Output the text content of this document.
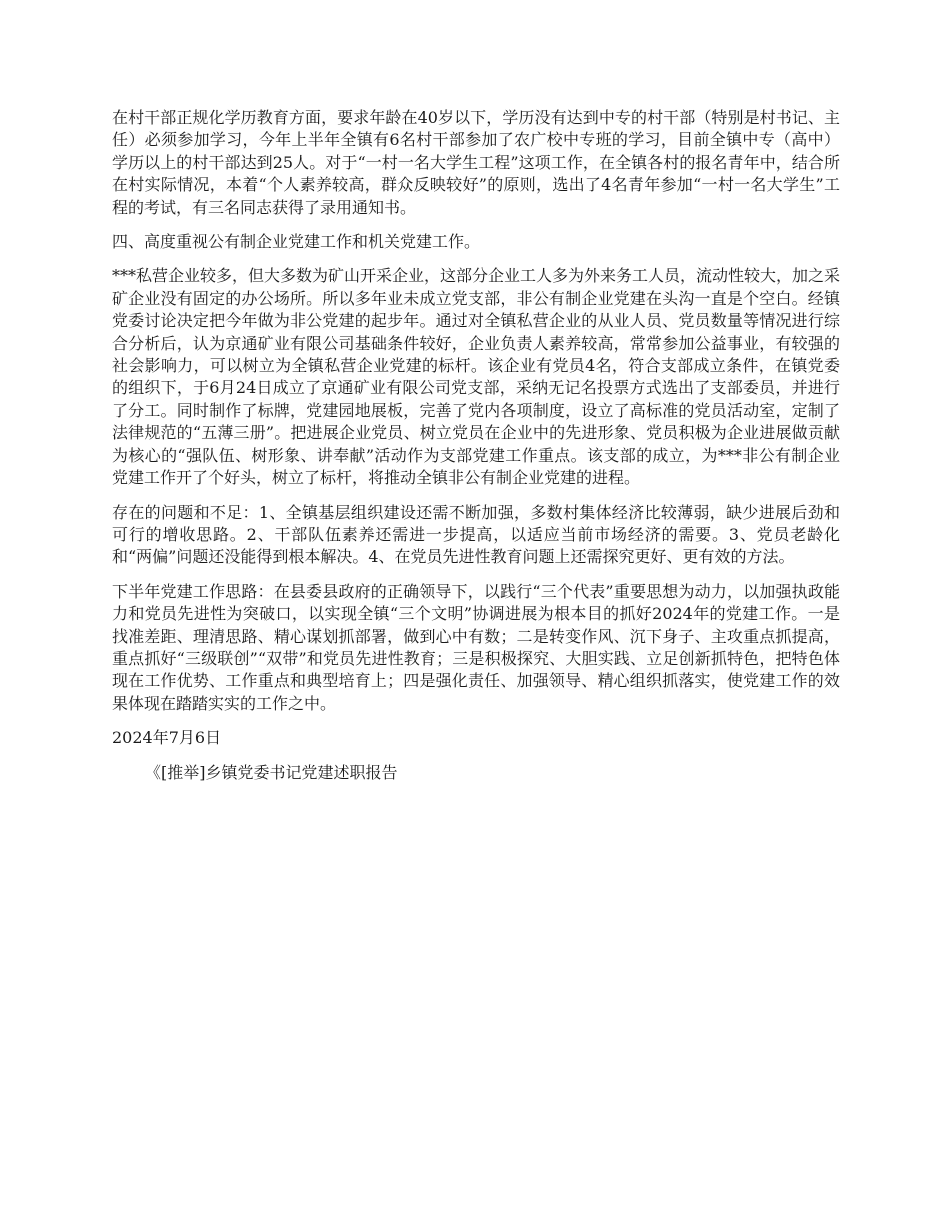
在村干部正规化学历教育方面，要求年龄在40岁以下，学历没有达到中专的村干部（特别是村书记、主任）必须参加学习，今年上半年全镇有6名村干部参加了农广校中专班的学习，目前全镇中专（高中）学历以上的村干部达到25人。对于“一村一名大学生工程”这项工作，在全镇各村的报名青年中，结合所在村实际情况，本着“个人素养较高，群众反映较好”的原则，选出了4名青年参加“一村一名大学生”工程的考试，有三名同志获得了录用通知书。

四、高度重视公有制企业党建工作和机关党建工作。

***私营企业较多，但大多数为矿山开采企业，这部分企业工人多为外来务工人员，流动性较大，加之采矿企业没有固定的办公场所。所以多年业未成立党支部，非公有制企业党建在头沟一直是个空白。经镇党委讨论决定把今年做为非公党建的起步年。通过对全镇私营企业的从业人员、党员数量等情况进行综合分析后，认为京通矿业有限公司基础条件较好，企业负责人素养较高，常常参加公益事业，有较强的社会影响力，可以树立为全镇私营企业党建的标杆。该企业有党员4名，符合支部成立条件，在镇党委的组织下，于6月24日成立了京通矿业有限公司党支部，采纳无记名投票方式选出了支部委员，并进行了分工。同时制作了标牌，党建园地展板，完善了党内各项制度，设立了高标准的党员活动室，定制了法律规范的“五薄三册”。把进展企业党员、树立党员在企业中的先进形象、党员积极为企业进展做贡献为核心的“强队伍、树形象、讲奉献”活动作为支部党建工作重点。该支部的成立，为***非公有制企业党建工作开了个好头，树立了标杆，将推动全镇非公有制企业党建的进程。

存在的问题和不足：1、全镇基层组织建设还需不断加强，多数村集体经济比较薄弱，缺少进展后劲和可行的增收思路。2、干部队伍素养还需进一步提高，以适应当前市场经济的需要。3、党员老龄化和“两偏”问题还没能得到根本解决。4、在党员先进性教育问题上还需探究更好、更有效的方法。

下半年党建工作思路：在县委县政府的正确领导下，以践行“三个代表”重要思想为动力，以加强执政能力和党员先进性为突破口，以实现全镇“三个文明”协调进展为根本目的抓好2024年的党建工作。一是找准差距、理清思路、精心谋划抓部署，做到心中有数；二是转变作风、沉下身子、主攻重点抓提高，重点抓好“三级联创”“双带”和党员先进性教育；三是积极探究、大胆实践、立足创新抓特色，把特色体现在工作优势、工作重点和典型培育上；四是强化责任、加强领导、精心组织抓落实，使党建工作的效果体现在踏踏实实的工作之中。

2024年7月6日

《[推举]乡镇党委书记党建述职报告
